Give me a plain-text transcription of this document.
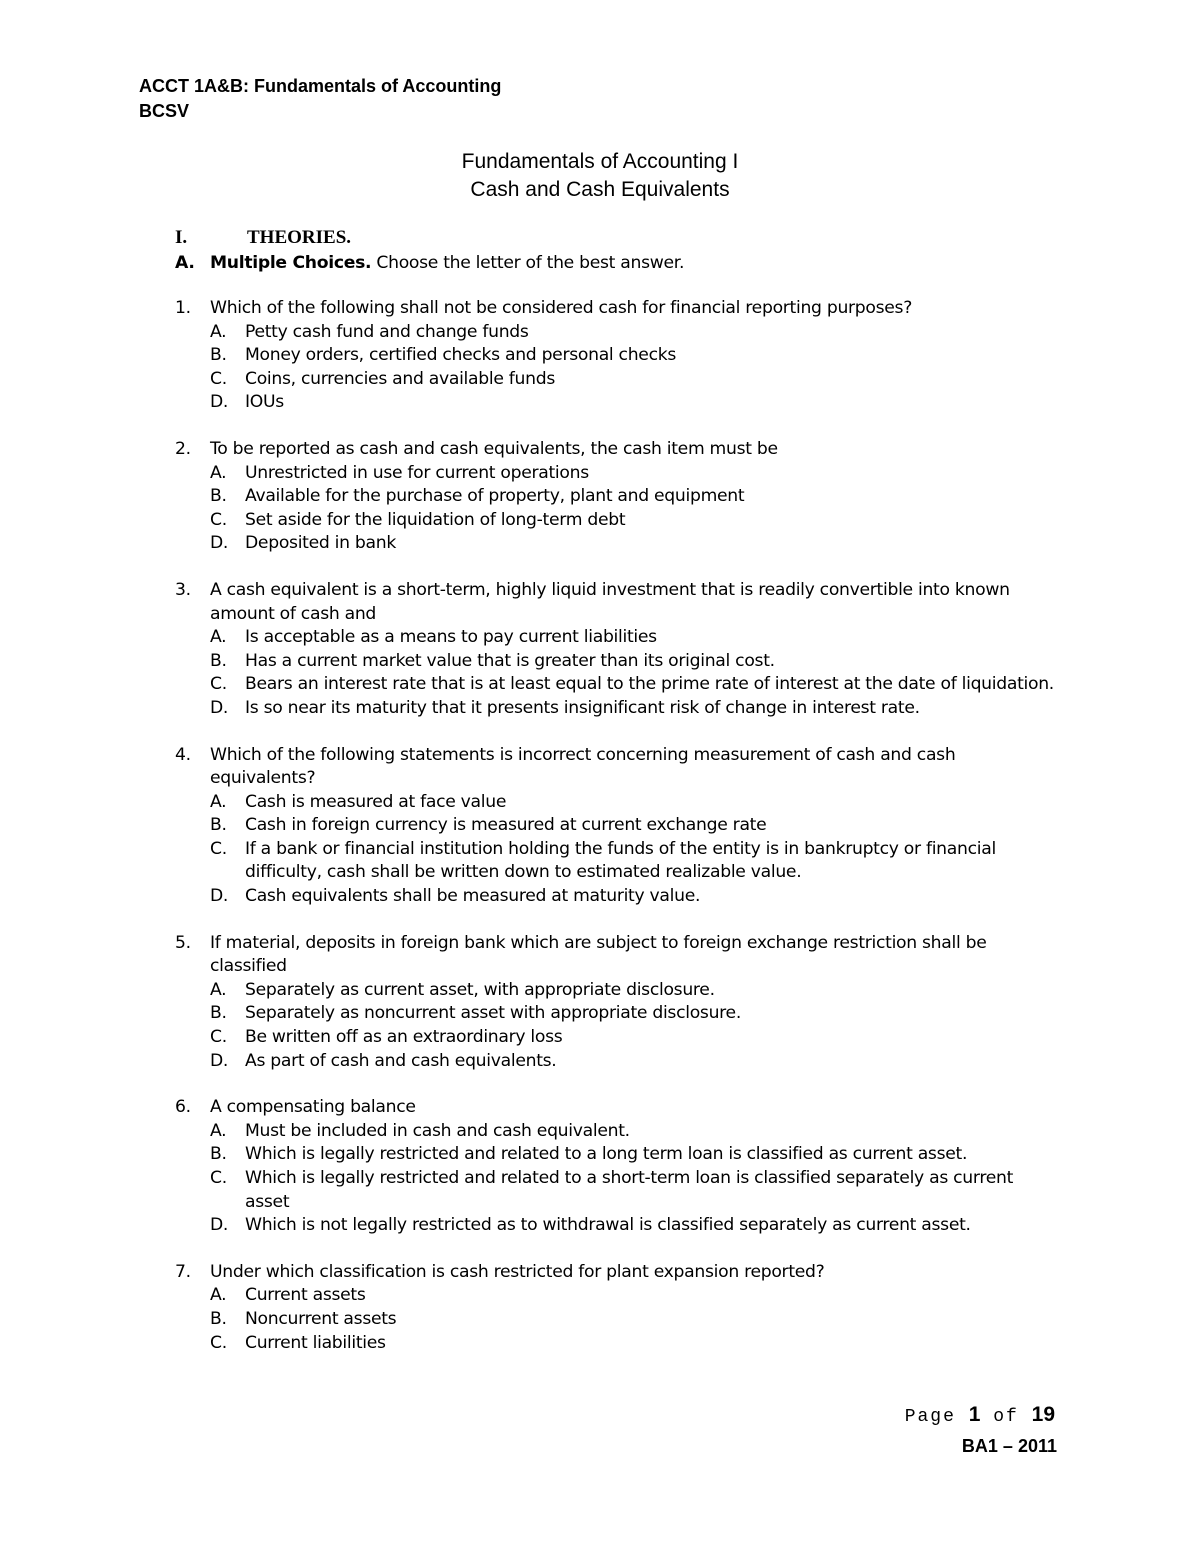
ACCT 1A&B: Fundamentals of Accounting
BCSV
Fundamentals of Accounting I
Cash and Cash Equivalents
I.	THEORIES.
A. Multiple Choices. Choose the letter of the best answer.
1. Which of the following shall not be considered cash for financial reporting purposes?
A. Petty cash fund and change funds
B. Money orders, certified checks and personal checks
C. Coins, currencies and available funds
D. IOUs
2. To be reported as cash and cash equivalents, the cash item must be
A. Unrestricted in use for current operations
B. Available for the purchase of property, plant and equipment
C. Set aside for the liquidation of long-term debt
D. Deposited in bank
3. A cash equivalent is a short-term, highly liquid investment that is readily convertible into known amount of cash and
A. Is acceptable as a means to pay current liabilities
B. Has a current market value that is greater than its original cost.
C. Bears an interest rate that is at least equal to the prime rate of interest at the date of liquidation.
D. Is so near its maturity that it presents insignificant risk of change in interest rate.
4. Which of the following statements is incorrect concerning measurement of cash and cash equivalents?
A. Cash is measured at face value
B. Cash in foreign currency is measured at current exchange rate
C. If a bank or financial institution holding the funds of the entity is in bankruptcy or financial difficulty, cash shall be written down to estimated realizable value.
D. Cash equivalents shall be measured at maturity value.
5. If material, deposits in foreign bank which are subject to foreign exchange restriction shall be classified
A. Separately as current asset, with appropriate disclosure.
B. Separately as noncurrent asset with appropriate disclosure.
C. Be written off as an extraordinary loss
D. As part of cash and cash equivalents.
6. A compensating balance
A. Must be included in cash and cash equivalent.
B. Which is legally restricted and related to a long term loan is classified as current asset.
C. Which is legally restricted and related to a short-term loan is classified separately as current asset
D. Which is not legally restricted as to withdrawal is classified separately as current asset.
7. Under which classification is cash restricted for plant expansion reported?
A. Current assets
B. Noncurrent assets
C. Current liabilities
Page 1 of 19
BA1 – 2011
